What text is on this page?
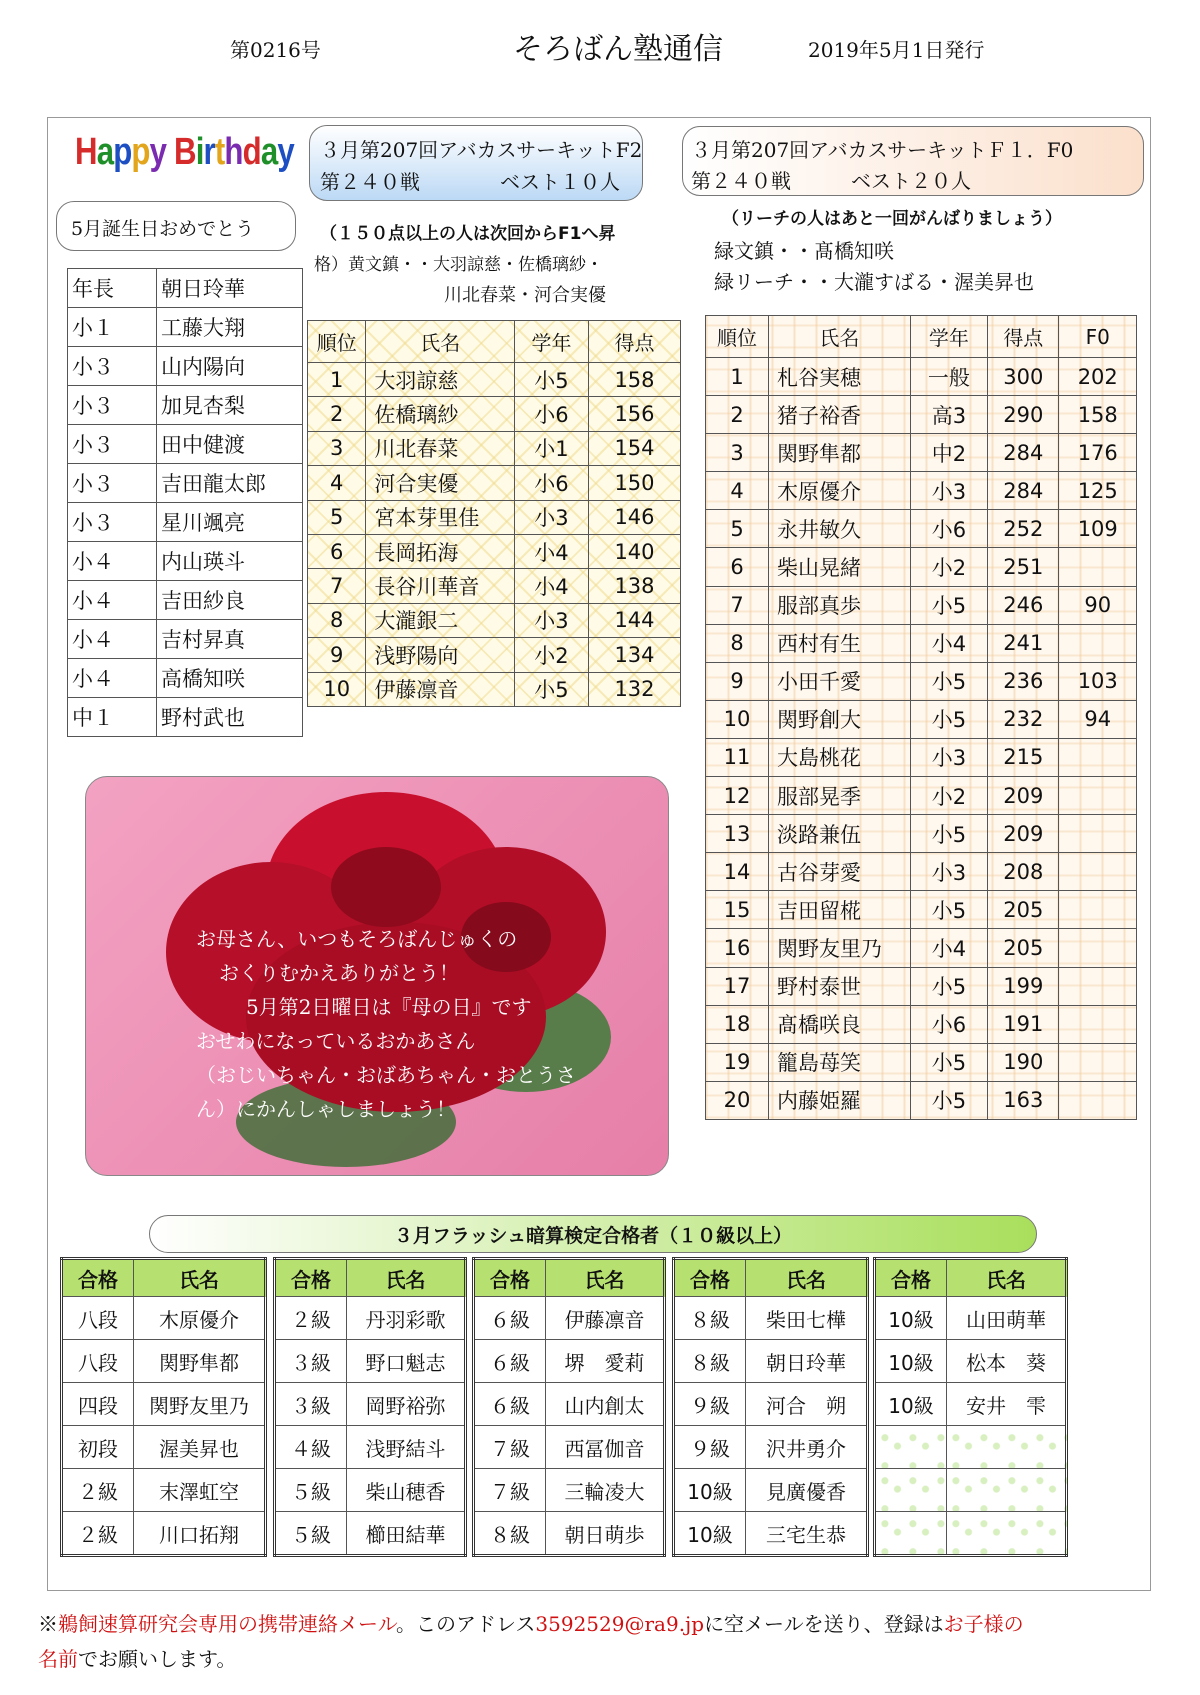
第0216号	そろばん塾通信	2019年5月1日発行
Happy Birthday
5月誕生日おめでとう
年長	朝日玲華
小１	工藤大翔
小３	山内陽向
小３	加見杏梨
小３	田中健渡
小３	吉田龍太郎
小３	星川颯亮
小４	内山瑛斗
小４	吉田紗良
小４	吉村昇真
小４	高橋知咲
中１	野村武也
３月第207回アバカスサーキットF2
第２４０戦　　　　ベスト１０人
（１５０点以上の人は次回からF1へ昇
格）黄文鎮・・大羽諒慈・佐橋璃紗・
川北春菜・河合実優
順位	氏名	学年	得点
1	大羽諒慈	小5	158
2	佐橋璃紗	小6	156
3	川北春菜	小1	154
4	河合実優	小6	150
5	宮本芽里佳	小3	146
6	長岡拓海	小4	140
7	長谷川華音	小4	138
8	大瀧銀二	小3	144
9	浅野陽向	小2	134
10	伊藤凛音	小5	132
３月第207回アバカスサーキットＦ１．F0
第２４０戦　　　ベスト２０人
（リーチの人はあと一回がんばりましょう）
緑文鎮・・髙橋知咲
緑リーチ・・大瀧すばる・渥美昇也
順位	氏名	学年	得点	F0
1	札谷実穂	一般	300	202
2	猪子裕香	高3	290	158
3	関野隼都	中2	284	176
4	木原優介	小3	284	125
5	永井敏久	小6	252	109
6	柴山晃緒	小2	251	
7	服部真歩	小5	246	90
8	西村有生	小4	241	
9	小田千愛	小5	236	103
10	関野創大	小5	232	94
11	大島桃花	小3	215	
12	服部晃季	小2	209	
13	淡路兼伍	小5	209	
14	古谷芽愛	小3	208	
15	吉田留椛	小5	205	
16	関野友里乃	小4	205	
17	野村泰世	小5	199	
18	髙橋咲良	小6	191	
19	籠島苺笑	小5	190	
20	内藤姫羅	小5	163	
お母さん、いつもそろばんじゅくの
おくりむかえありがとう！
5月第2日曜日は『母の日』です
おせわになっているおかあさん
（おじいちゃん・おばあちゃん・おとうさ
ん）にかんしゃしましょう！
３月フラッシュ暗算検定合格者（１０級以上）
合格	氏名
八段	木原優介
八段	関野隼都
四段	関野友里乃
初段	渥美昇也
２級	末澤虹空
２級	川口拓翔
合格	氏名
２級	丹羽彩歌
３級	野口魁志
３級	岡野裕弥
４級	浅野結斗
５級	柴山穂香
５級	櫛田結華
合格	氏名
６級	伊藤凛音
６級	堺　愛莉
６級	山内創太
７級	西冨伽音
７級	三輪凌大
８級	朝日萌歩
合格	氏名
８級	柴田七樺
８級	朝日玲華
９級	河合　朔
９級	沢井勇介
10級	見廣優香
10級	三宅生恭
合格	氏名
10級	山田萌華
10級	松本　葵
10級	安井　雫

※鵜飼速算研究会専用の携帯連絡メール。このアドレス3592529@ra9.jpに空メールを送り、登録はお子様の
名前でお願いします。
